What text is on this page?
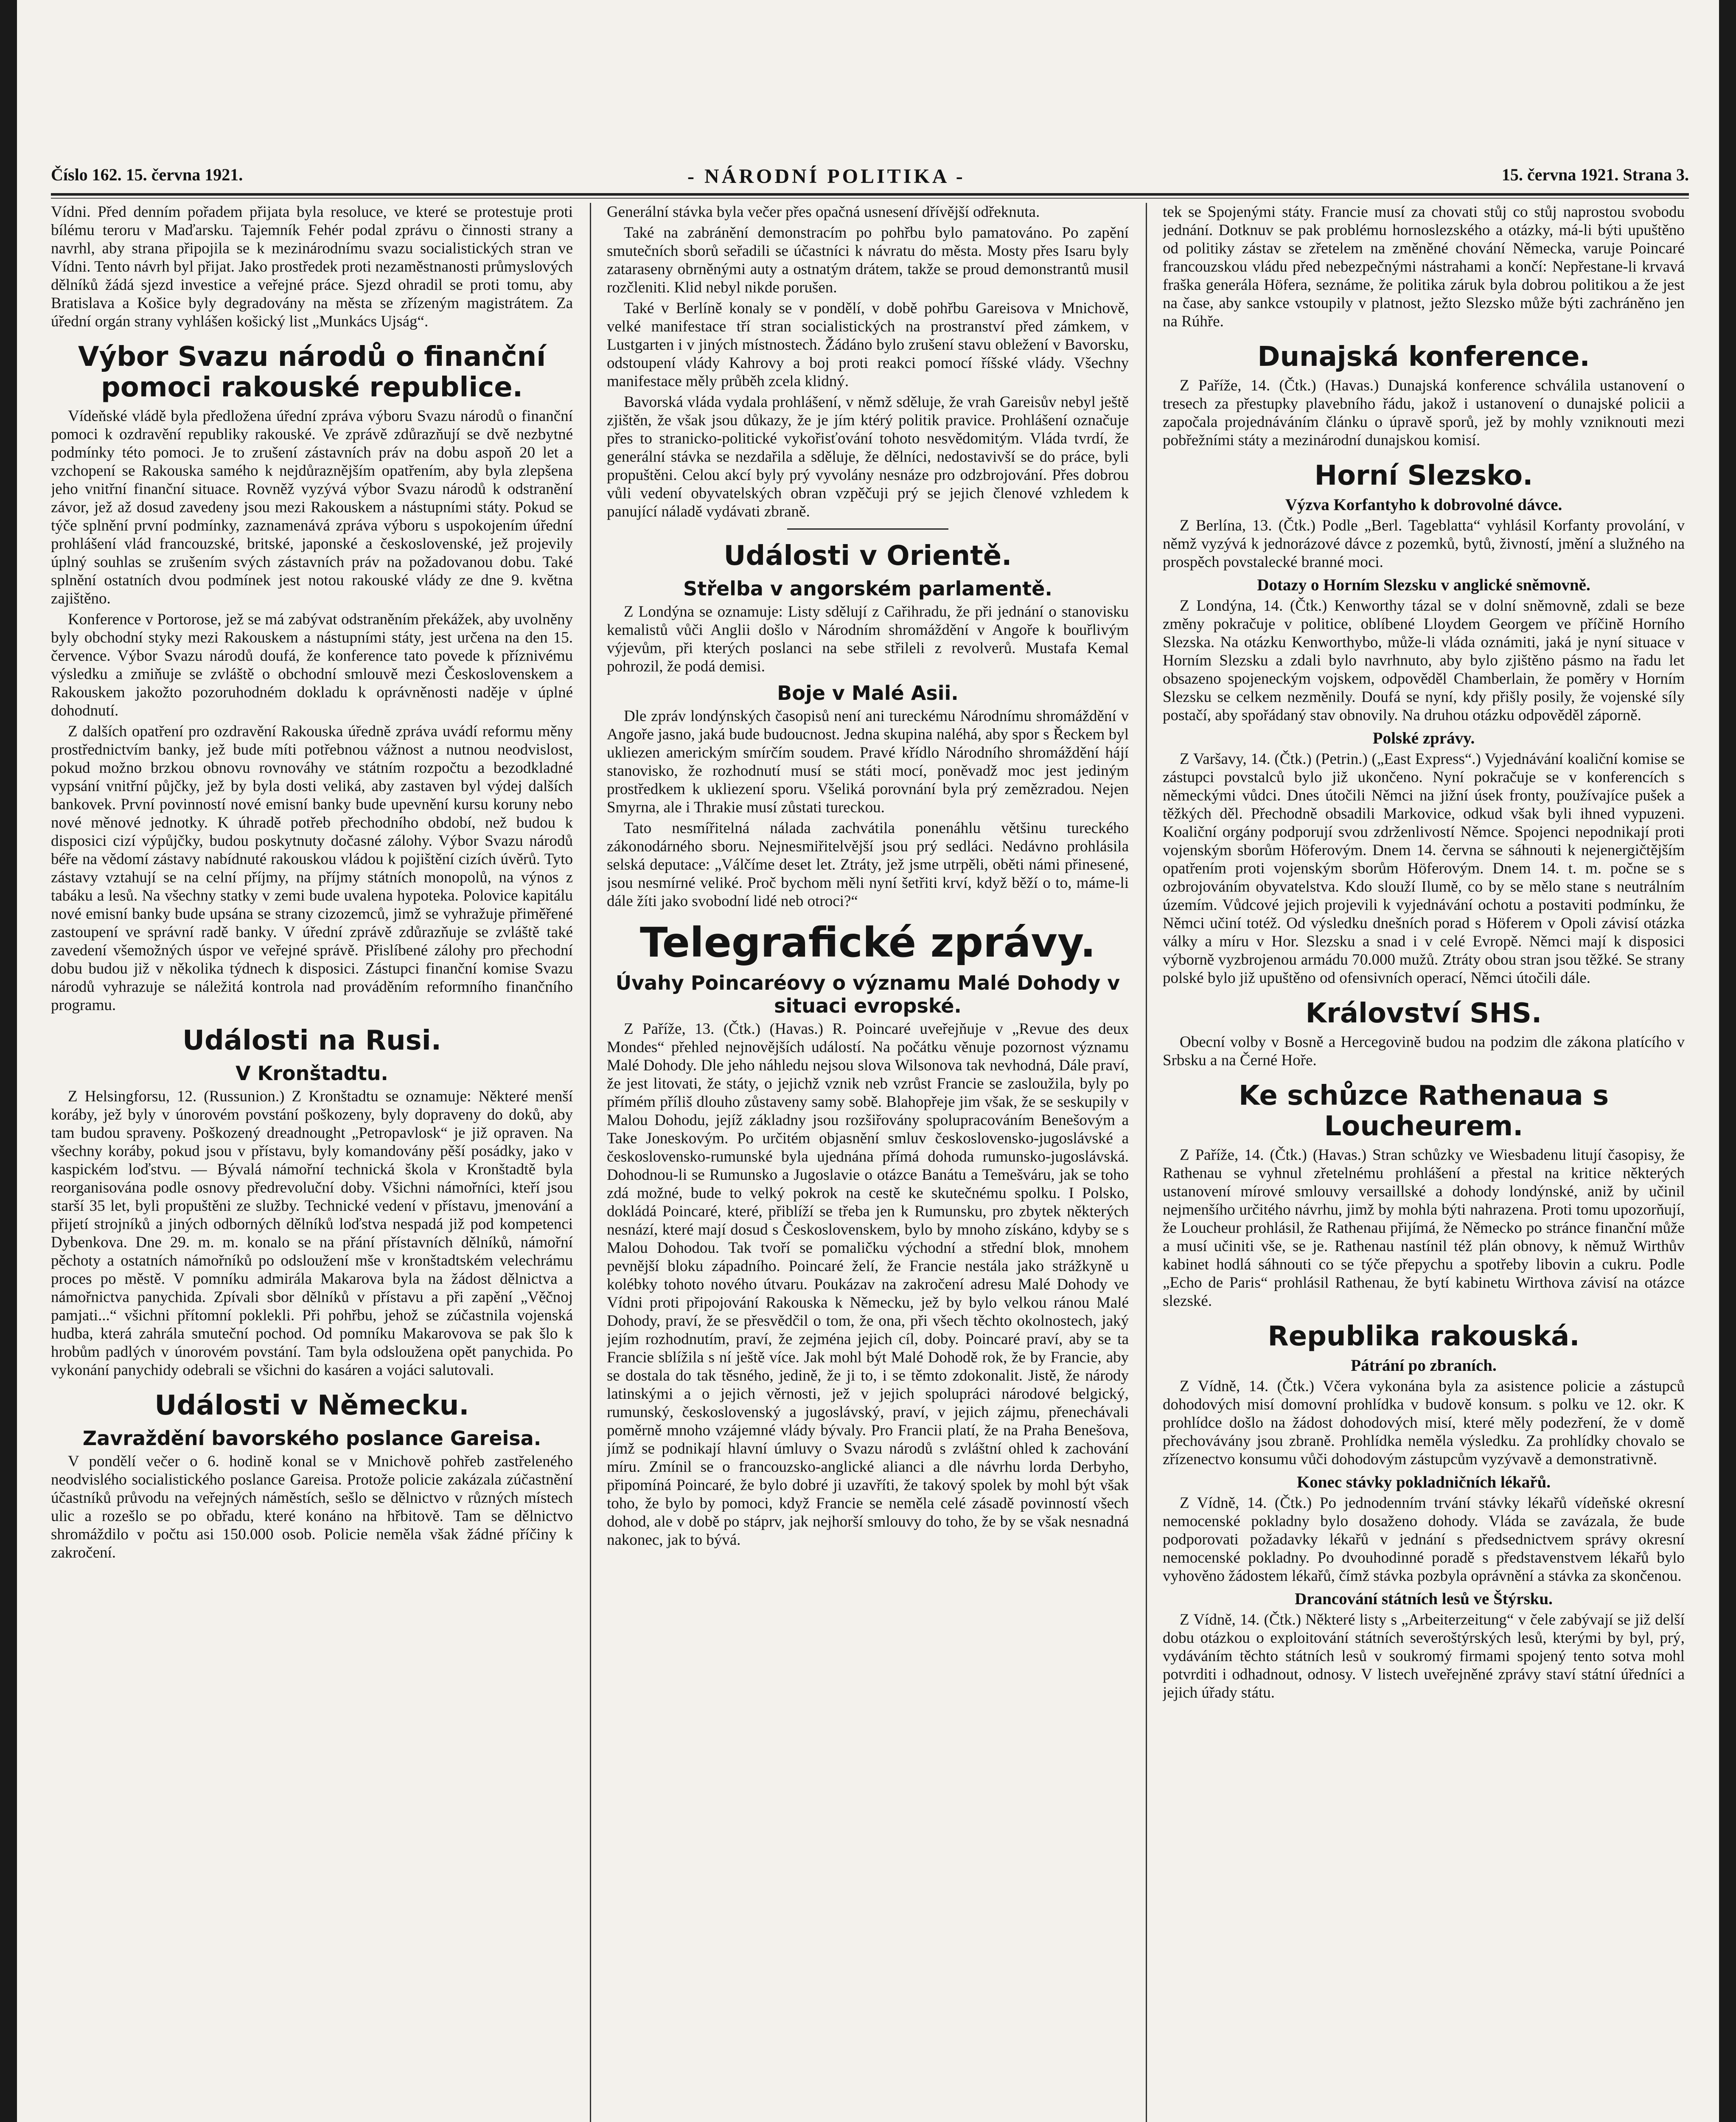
Číslo 162. 15. června 1921.	- NÁRODNÍ POLITIKA -	15. června 1921. Strana 3.

Vídni. Před denním pořadem přijata byla resoluce, ve které se protestuje proti bílému teroru v Maďarsku. Tajemník Fehér podal zprávu o činnosti strany a navrhl, aby strana připojila se k mezinárodnímu svazu socialistických stran ve Vídni. Tento návrh byl přijat. Jako prostředek proti nezaměstnanosti průmyslových dělníků žádá sjezd investice a veřejné práce. Sjezd ohradil se proti tomu, aby Bratislava a Košice byly degradovány na města se zřízeným magistrátem. Za úřední orgán strany vyhlášen košický list „Munkács Ujság“.

Výbor Svazu národů o finanční pomoci rakouské republice.

Vídeňské vládě byla předložena úřední zpráva výboru Svazu národů o finanční pomoci k ozdravění republiky rakouské. Ve zprávě zdůrazňují se dvě nezbytné podmínky této pomoci. Je to zrušení zástavních práv na dobu aspoň 20 let a vzchopení se Rakouska samého k nejdůraznějším opatřením, aby byla zlepšena jeho vnitřní finanční situace. Rovněž vyzývá výbor Svazu národů k odstranění závor, jež až dosud zavedeny jsou mezi Rakouskem a nástupními státy. Pokud se týče splnění první podmínky, zaznamenává zpráva výboru s uspokojením úřední prohlášení vlád francouzské, britské, japonské a československé, jež projevily úplný souhlas se zrušením svých zástavních práv na požadovanou dobu. Také splnění ostatních dvou podmínek jest notou rakouské vlády ze dne 9. května zajištěno.

Konference v Portorose, jež se má zabývat odstraněním překážek, aby uvolněny byly obchodní styky mezi Rakouskem a nástupními státy, jest určena na den 15. července. Výbor Svazu národů doufá, že konference tato povede k příznivému výsledku a zmiňuje se zvláště o obchodní smlouvě mezi Československem a Rakouskem jakožto pozoruhodném dokladu k oprávněnosti naděje v úplné dohodnutí.

Z dalších opatření pro ozdravění Rakouska úředně zpráva uvádí reformu měny prostřednictvím banky, jež bude míti potřebnou vážnost a nutnou neodvislost, pokud možno brzkou obnovu rovnováhy ve státním rozpočtu a bezodkladné vypsání vnitřní půjčky, jež by byla dosti veliká, aby zastaven byl výdej dalších bankovek. První povinností nové emisní banky bude upevnění kursu koruny nebo nové měnové jednotky. K úhradě potřeb přechodního období, než budou k disposici cizí výpůjčky, budou poskytnuty dočasné zálohy. Výbor Svazu národů béře na vědomí zástavy nabídnuté rakouskou vládou k pojištění cizích úvěrů. Tyto zástavy vztahují se na celní příjmy, na příjmy státních monopolů, na výnos z tabáku a lesů. Na všechny statky v zemi bude uvalena hypoteka. Polovice kapitálu nové emisní banky bude upsána se strany cizozemců, jimž se vyhražuje přiměřené zastoupení ve správní radě banky. V úřední zprávě zdůrazňuje se zvláště také zavedení všemožných úspor ve veřejné správě. Přislíbené zálohy pro přechodní dobu budou již v několika týdnech k disposici. Zástupci finanční komise Svazu národů vyhrazuje se náležitá kontrola nad prováděním reformního finančního programu.

Události na Rusi.
V Kronštadtu.

Z Helsingforsu, 12. (Russunion.) Z Kronštadtu se oznamuje: Některé menší koráby, jež byly v únorovém povstání poškozeny, byly dopraveny do doků, aby tam budou spraveny. Poškozený dreadnought „Petropavlosk“ je již opraven. Na všechny koráby, pokud jsou v přístavu, byly komandovány pěší posádky, jako v kaspickém loďstvu. — Bývalá námořní technická škola v Kronštadtě byla reorganisována podle osnovy předrevoluční doby. Všichni námořníci, kteří jsou starší 35 let, byli propuštěni ze služby. Technické vedení v přístavu, jmenování a přijetí strojníků a jiných odborných dělníků loďstva nespadá již pod kompetenci Dybenkova. Dne 29. m. m. konalo se na přání přístavních dělníků, námořní pěchoty a ostatních námořníků po odsloužení mše v kronštadtském velechrámu proces po městě. V pomníku admirála Makarova byla na žádost dělnictva a námořnictva panychida. Zpívali sbor dělníků v přístavu a při zapění „Věčnoj pamjati...“ všichni přítomní poklekli. Při pohřbu, jehož se zúčastnila vojenská hudba, která zahrála smuteční pochod. Od pomníku Makarovova se pak šlo k hrobům padlých v únorovém povstání. Tam byla odsloužena opět panychida. Po vykonání panychidy odebrali se všichni do kasáren a vojáci salutovali.

Události v Německu.
Zavraždění bavorského poslance Gareisa.

V pondělí večer o 6. hodině konal se v Mnichově pohřeb zastřeleného neodvislého socialistického poslance Gareisa. Protože policie zakázala zúčastnění účastníků průvodu na veřejných náměstích, sešlo se dělnictvo v různých místech ulic a rozešlo se po obřadu, které konáno na hřbitově. Tam se dělnictvo shromáždilo v počtu asi 150.000 osob. Policie neměla však žádné příčiny k zakročení.

Generální stávka byla večer přes opačná usnesení dřívější odřeknuta.

Také na zabránění demonstracím po pohřbu bylo pamatováno. Po zapění smutečních sborů seřadili se účastníci k návratu do města. Mosty přes Isaru byly zataraseny obrněnými auty a ostnatým drátem, takže se proud demonstrantů musil rozčleniti. Klid nebyl nikde porušen.

Také v Berlíně konaly se v pondělí, v době pohřbu Gareisova v Mnichově, velké manifestace tří stran socialistických na prostranství před zámkem, v Lustgarten i v jiných místnostech. Žádáno bylo zrušení stavu obležení v Bavorsku, odstoupení vlády Kahrovy a boj proti reakci pomocí říšské vlády. Všechny manifestace měly průběh zcela klidný.

Bavorská vláda vydala prohlášení, v němž sděluje, že vrah Gareisův nebyl ještě zjištěn, že však jsou důkazy, že je jím ktérý politik pravice. Prohlášení označuje přes to stranicko-politické vykořisťování tohoto nesvědomitým. Vláda tvrdí, že generální stávka se nezdařila a sděluje, že dělníci, nedostavivší se do práce, byli propuštěni. Celou akcí byly prý vyvolány nesnáze pro odzbrojování. Přes dobrou vůli vedení obyvatelských obran vzpěčuji prý se jejich členové vzhledem k panující náladě vydávati zbraně.

Události v Orientě.
Střelba v angorském parlamentě.

Z Londýna se oznamuje: Listy sdělují z Cařihradu, že při jednání o stanovisku kemalistů vůči Anglii došlo v Národním shromáždění v Angoře k bouřlivým výjevům, při kterých poslanci na sebe střileli z revolverů. Mustafa Kemal pohrozil, že podá demisi.

Boje v Malé Asii.

Dle zpráv londýnských časopisů není ani tureckému Národnímu shromáždění v Angoře jasno, jaká bude budoucnost. Jedna skupina naléhá, aby spor s Řeckem byl ukliezen americkým smírčím soudem. Pravé křídlo Národního shromáždění hájí stanovisko, že rozhodnutí musí se státi mocí, poněvadž moc jest jediným prostředkem k ukliezení sporu. Všeliká porovnání byla prý zemězradou. Nejen Smyrna, ale i Thrakie musí zůstati tureckou.

Tato nesmířitelná nálada zachvátila ponenáhlu většinu tureckého zákonodárného sboru. Nejnesmiřitelvější jsou prý sedláci. Nedávno prohlásila selská deputace: „Válčíme deset let. Ztráty, jež jsme utrpěli, oběti námi přinesené, jsou nesmírné veliké. Proč bychom měli nyní šetřiti krví, když běží o to, máme-li dále žíti jako svobodní lidé neb otroci?“

Telegrafické zprávy.
Úvahy Poincaréovy o významu Malé Dohody v situaci evropské.

Z Paříže, 13. (Čtk.) (Havas.) R. Poincaré uveřejňuje v „Revue des deux Mondes“ přehled nejnovějších událostí. Na počátku věnuje pozornost významu Malé Dohody. Dle jeho náhledu nejsou slova Wilsonova tak nevhodná, Dále praví, že jest litovati, že státy, o jejichž vznik neb vzrůst Francie se zasloužila, byly po přímém příliš dlouho zůstaveny samy sobě. Blahopřeje jim však, že se seskupily v Malou Dohodu, jejíž základny jsou rozšiřovány spolupracováním Benešovým a Take Joneskovým. Po určitém objasnění smluv československo-jugoslávské a československo-rumunské byla ujednána přímá dohoda rumunsko-jugoslávská. Dohodnou-li se Rumunsko a Jugoslavie o otázce Banátu a Temešváru, jak se toho zdá možné, bude to velký pokrok na cestě ke skutečnému spolku. I Polsko, dokládá Poincaré, které, přiblíží se třeba jen k Rumunsku, pro zbytek některých nesnází, které mají dosud s Československem, bylo by mnoho získáno, kdyby se s Malou Dohodou. Tak tvoří se pomaličku východní a střední blok, mnohem pevnější bloku západního. Poincaré želí, že Francie nestála jako strážkyně u kolébky tohoto nového útvaru. Poukázav na zakročení adresu Malé Dohody ve Vídni proti připojování Rakouska k Německu, jež by bylo velkou ránou Malé Dohody, praví, že se přesvědčil o tom, že ona, při všech těchto okolnostech, jaký jejím rozhodnutím, praví, že zejména jejich cíl, doby. Poincaré praví, aby se ta Francie sblížila s ní ještě více. Jak mohl být Malé Dohodě rok, že by Francie, aby se dostala do tak těsného, jedině, že ji to, i se těmto zdokonalit. Jistě, že národy latinskými a o jejich věrnosti, jež v jejich spolupráci národové belgický, rumunský, československý a jugoslávský, praví, v jejich zájmu, přenechávali poměrně mnoho vzájemné vlády bývaly. Pro Francii platí, že na Praha Benešova, jímž se podnikají hlavní úmluvy o Svazu národů s zvláštní ohled k zachování míru. Zmínil se o francouzsko-anglické alianci a dle návrhu lorda Derbyho, připomíná Poincaré, že bylo dobré ji uzavříti, že takový spolek by mohl být však toho, že bylo by pomoci, když Francie se neměla celé zásadě povinností všech dohod, ale v době po stáprv, jak nejhorší smlouvy do toho, že by se však nesnadná nakonec, jak to bývá.

tek se Spojenými státy. Francie musí za chovati stůj co stůj naprostou svobodu jednání. Dotknuv se pak problému hornoslezského a otázky, má-li býti upuštěno od politiky zástav se zřetelem na změněné chování Německa, varuje Poincaré francouzskou vládu před nebezpečnými nástrahami a končí: Nepřestane-li krvavá fraška generála Höfera, seznáme, že politika záruk byla dobrou politikou a že jest na čase, aby sankce vstoupily v platnost, ježto Slezsko může býti zachráněno jen na Rúhře.

Dunajská konference.

Z Paříže, 14. (Čtk.) (Havas.) Dunajská konference schválila ustanovení o tresech za přestupky plavebního řádu, jakož i ustanovení o dunajské policii a započala projednáváním článku o úpravě sporů, jež by mohly vzniknouti mezi pobřežními státy a mezinárodní dunajskou komisí.

Horní Slezsko.
Výzva Korfantyho k dobrovolné dávce.

Z Berlína, 13. (Čtk.) Podle „Berl. Tageblatta“ vyhlásil Korfanty provolání, v němž vyzývá k jednorázové dávce z pozemků, bytů, živností, jmění a služného na prospěch povstalecké branné moci.

Dotazy o Horním Slezsku v anglické sněmovně.

Z Londýna, 14. (Čtk.) Kenworthy tázal se v dolní sněmovně, zdali se beze změny pokračuje v politice, oblíbené Lloydem Georgem ve příčině Horního Slezska. Na otázku Kenworthybo, může-li vláda oznámiti, jaká je nyní situace v Horním Slezsku a zdali bylo navrhnuto, aby bylo zjištěno pásmo na řadu let obsazeno spojeneckým vojskem, odpověděl Chamberlain, že poměry v Horním Slezsku se celkem nezměnily. Doufá se nyní, kdy přišly posily, že vojenské síly postačí, aby spořádaný stav obnovily. Na druhou otázku odpověděl záporně.

Polské zprávy.

Z Varšavy, 14. (Čtk.) (Petrin.) („East Express“.) Vyjednávání koaliční komise se zástupci povstalců bylo již ukončeno. Nyní pokračuje se v konferencích s německými vůdci. Dnes útočili Němci na jižní úsek fronty, používajíce pušek a těžkých děl. Přechodně obsadili Markovice, odkud však byli ihned vypuzeni. Koaliční orgány podporují svou zdrženlivostí Němce. Spojenci nepodnikají proti vojenským sborům Höferovým. Dnem 14. června se sáhnouti k nejenergičtějším opatřením proti vojenským sborům Höferovým. Dnem 14. t. m. počne se s ozbrojováním obyvatelstva. Kdo slouží Ilumě, co by se mělo stane s neutrálním územím. Vůdcové jejich projevili k vyjednávání ochotu a postaviti podmínku, že Němci učiní totéž. Od výsledku dnešních porad s Höferem v Opoli závisí otázka války a míru v Hor. Slezsku a snad i v celé Evropě. Němci mají k disposici výborně vyzbrojenou armádu 70.000 mužů. Ztráty obou stran jsou těžké. Se strany polské bylo již upuštěno od ofensivních operací, Němci útočili dále.

Království SHS.

Obecní volby v Bosně a Hercegovině budou na podzim dle zákona platícího v Srbsku a na Černé Hoře.

Ke schůzce Rathenaua s Loucheurem.

Z Paříže, 14. (Čtk.) (Havas.) Stran schůzky ve Wiesbadenu litují časopisy, že Rathenau se vyhnul zřetelnému prohlášení a přestal na kritice některých ustanovení mírové smlouvy versaillské a dohody londýnské, aniž by učinil nejmenšího určitého návrhu, jimž by mohla býti nahrazena. Proti tomu upozorňují, že Loucheur prohlásil, že Rathenau přijímá, že Německo po stránce finanční může a musí učiniti vše, se je. Rathenau nastínil též plán obnovy, k němuž Wirthův kabinet hodlá sáhnouti co se týče přepychu a spotřeby libovin a cukru. Podle „Echo de Paris“ prohlásil Rathenau, že bytí kabinetu Wirthova závisí na otázce slezské.

Republika rakouská.
Pátrání po zbraních.

Z Vídně, 14. (Čtk.) Včera vykonána byla za asistence policie a zástupců dohodových misí domovní prohlídka v budově konsum. s polku ve 12. okr. K prohlídce došlo na žádost dohodových misí, které měly podezření, že v domě přechovávány jsou zbraně. Prohlídka neměla výsledku. Za prohlídky chovalo se zřízenectvo konsumu vůči dohodovým zástupcům vyzývavě a demonstrativně.

Konec stávky pokladničních lékařů.

Z Vídně, 14. (Čtk.) Po jednodenním trvání stávky lékařů vídeňské okresní nemocenské pokladny bylo dosaženo dohody. Vláda se zavázala, že bude podporovati požadavky lékařů v jednání s předsednictvem správy okresní nemocenské pokladny. Po dvouhodinné poradě s představenstvem lékařů bylo vyhověno žádostem lékařů, čímž stávka pozbyla oprávnění a stávka za skončenou.

Drancování státních lesů ve Štýrsku.

Z Vídně, 14. (Čtk.) Některé listy s „Arbeiterzeitung“ v čele zabývají se již delší dobu otázkou o exploitování státních severoštýrských lesů, kterými by byl, prý, vydáváním těchto státních lesů v soukromý firmami spojený tento sotva mohl potvrditi i odhadnout, odnosy. V listech uveřejněné zprávy staví státní úředníci a jejich úřady státu.
